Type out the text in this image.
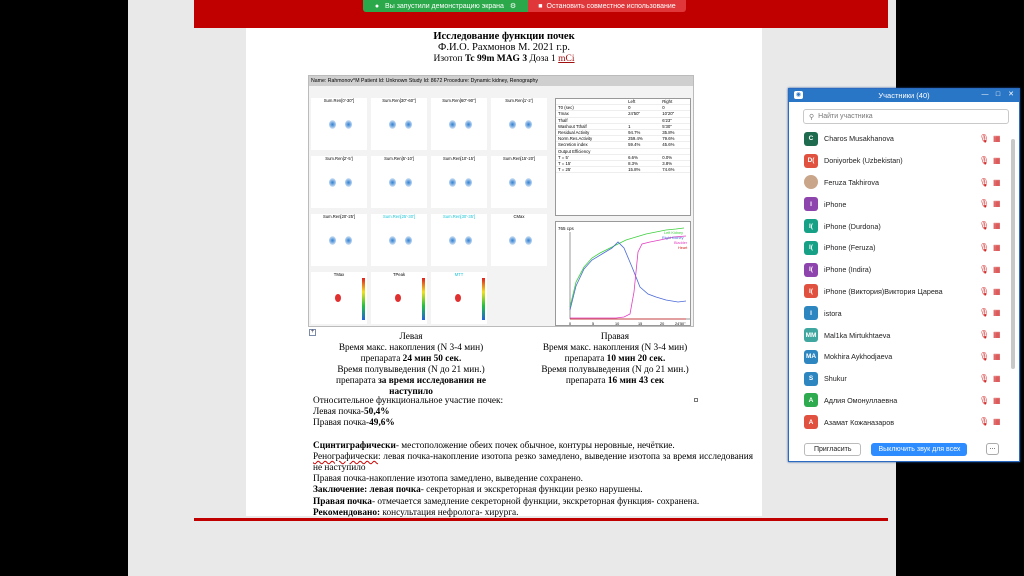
● Вы запустили демонстрацию экрана ⚙	■ Остановить совместное использование
Исследование функции почек
Ф.И.О. Рахмонов М. 2021 г.р.
Изотоп Tc 99m MAG 3 Доза 1 mCi
Name: Rahmonov^M Patient Id: Unknown Study Id: 8672 Procedure: Dynamic kidney, Renography
Sum.Ren[0'-30"]	Sum.Ren[30"-60"]	Sum.Ren[60"-90"]	Sum.Ren[1'-2']
Sum.Ren[2'-5']	Sum.Ren[5'-10']	Sum.Ren[10'-15']	Sum.Ren[15'-20']
Sum.Ren[20'-25']	Sum.Ren[25'-30']	Sum.Ren[30'-35']	CMax
TMax	TPeak	MTT
	Left	Right
T0 (sec)	0	0
Tmax	24'50"	10'20"
Thalf		6'23"
Washout Tthalf	1	5'30"
Residual Activity	94.7%	35.8%
Norm.Res.Activity	259.4%	79.6%
Secretion index	59.4%	45.6%
Output Efficiency		
T = 5'	6.6%	0.0%
T = 15'	8.3%	3.8%
T = 25'	15.8%	74.6%
765 cps
Left Kidney
Right Kidney
Bladder
Heart
0	5	10	15	20	24'50"
+	Левая
Время макс. накопления (N 3-4 мин)
препарата 24 мин 50 сек.
Время полувыведения (N до 21 мин.)
препарата за время исследования не наступило
Правая
Время макс. накопления (N 3-4 мин)
препарата 10 мин 20 сек.
Время полувыведения (N до 21 мин.)
препарата 16 мин 43 сек
Относительное функциональное участие почек:
Левая почка-50,4%
Правая почка-49,6%
Сцинтиграфически- местоположение обеих почек обычное, контуры неровные, нечёткие.
Ренографически: левая почка-накопление изотопа резко замедлено, выведение изотопа за время исследования не наступило
Правая почка-накопление изотопа замедлено, выведение сохранено.
Заключение: левая почка- секреторная и экскреторная функции резко нарушены.
Правая почка- отмечается замедление секреторной функции, экскреторная функция- сохранена.
Рекомендовано: консультация нефролога- хирурга.
◉	Участники (40)	—	□	✕
⚲ Найти участника
C	Charos Musakhanova	🎙︎ ▦
D(	Doniyorbek (Uzbekistan)	🎙︎ ▦
Feruza Takhirova	🎙︎ ▦
I	iPhone	🎙︎ ▦
I(	iPhone (Durdona)	🎙︎ ▦
I(	iPhone (Feruza)	🎙︎ ▦
I(	iPhone (Indira)	🎙︎ ▦
I(	iPhone (Виктория)Виктория Царева	🎙︎ ▦
I	istora	🎙︎ ▦
MM Mal1ka Mirtukhtaeva	🎙︎ ▦
MA Mokhira Aykhodjaeva	🎙︎ ▦
S	Shukur	🎙︎ ▦
A	Адлия Омонуллаевна	🎙︎ ▦
A	Азамат Кожаназаров	🎙︎ ▦
Пригласить	Выключить звук для всех	...
